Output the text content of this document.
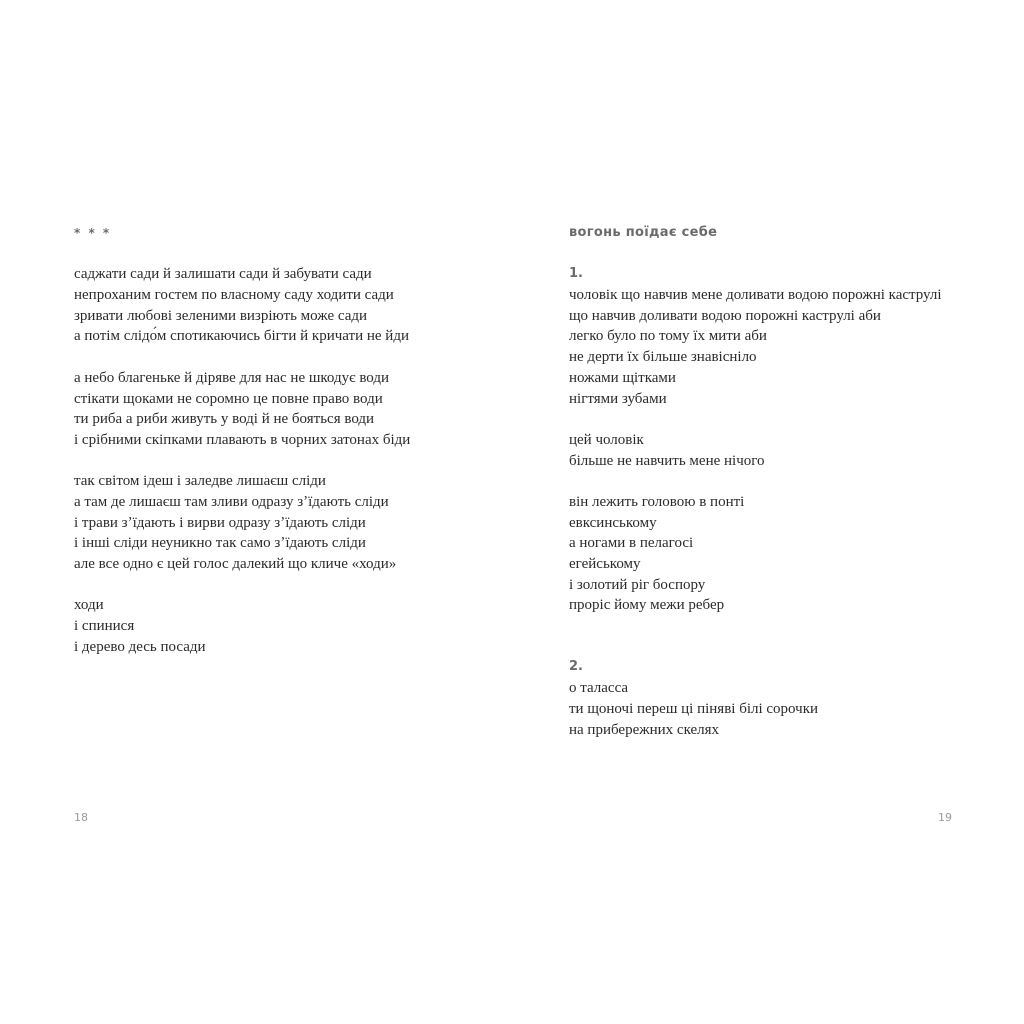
* * *
саджати сади й залишати сади й забувати сади
непроханим гостем по власному саду ходити сади
зривати любові зеленими визріють може сади
а потім слідо́м спотикаючись бігти й кричати не йди
а небо благеньке й діряве для нас не шкодує води
стікати щоками не соромно це повне право води
ти риба а риби живуть у воді й не бояться води
і срібними скіпками плавають в чорних затонах біди
так світом ідеш і заледве лишаєш сліди
а там де лишаєш там зливи одразу зʼїдають сліди
і трави зʼїдають і вирви одразу зʼїдають сліди
і інші сліди неуникно так само зʼїдають сліди
але все одно є цей голос далекий що кличе «ходи»
ходи
і спинися
і дерево десь посади
18
вогонь поїдає себе
1.
чоловік що навчив мене доливати водою порожні каструлі
що навчив доливати водою порожні каструлі аби
легко було по тому їх мити аби
не дерти їх більше знавісніло
ножами щітками
нігтями зубами
цей чоловік
більше не навчить мене нічого
він лежить головою в понті
евксинському
а ногами в пелагосі
егейському
і золотий ріг боспору
проріс йому межи ребер
2.
о таласса
ти щоночі переш ці піняві білі сорочки
на прибережних скелях
19
